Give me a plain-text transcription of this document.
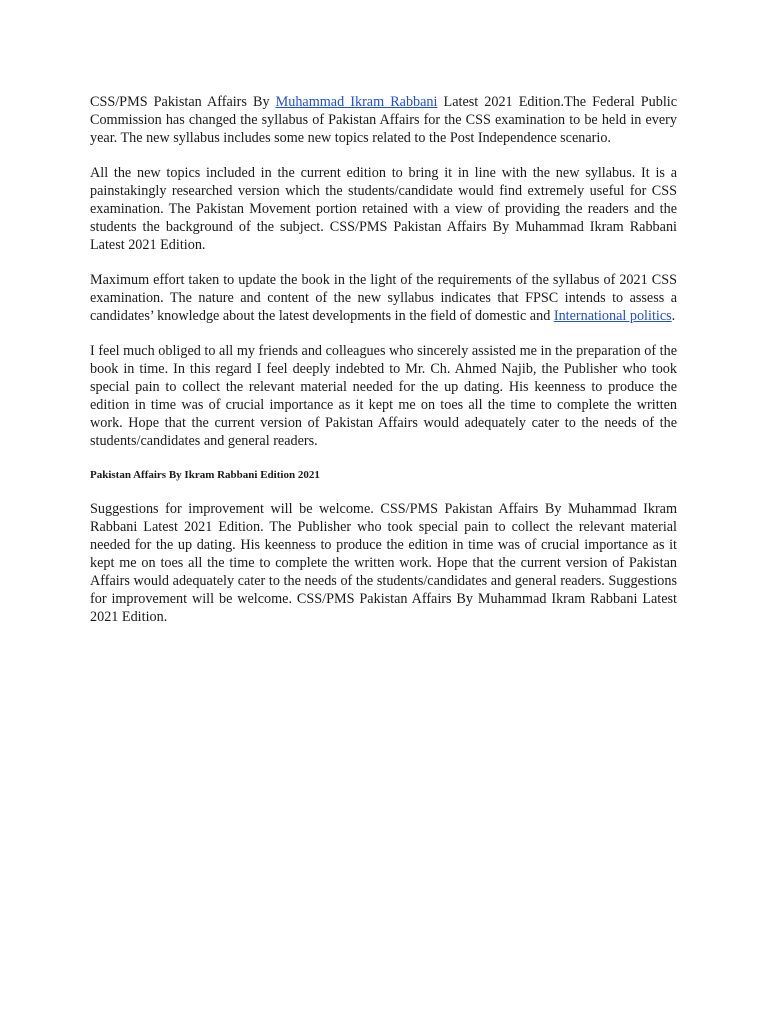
CSS/PMS Pakistan Affairs By Muhammad Ikram Rabbani Latest 2021 Edition.The Federal Public Commission has changed the syllabus of Pakistan Affairs for the CSS examination to be held in every year. The new syllabus includes some new topics related to the Post Independence scenario.

All the new topics included in the current edition to bring it in line with the new syllabus. It is a painstakingly researched version which the students/candidate would find extremely useful for CSS examination. The Pakistan Movement portion retained with a view of providing the readers and the students the background of the subject. CSS/PMS Pakistan Affairs By Muhammad Ikram Rabbani Latest 2021 Edition.

Maximum effort taken to update the book in the light of the requirements of the syllabus of 2021 CSS examination. The nature and content of the new syllabus indicates that FPSC intends to assess a candidates’ knowledge about the latest developments in the field of domestic and International politics.

I feel much obliged to all my friends and colleagues who sincerely assisted me in the preparation of the book in time. In this regard I feel deeply indebted to Mr. Ch. Ahmed Najib, the Publisher who took special pain to collect the relevant material needed for the up dating. His keenness to produce the edition in time was of crucial importance as it kept me on toes all the time to complete the written work. Hope that the current version of Pakistan Affairs would adequately cater to the needs of the students/candidates and general readers.

Pakistan Affairs By Ikram Rabbani Edition 2021

Suggestions for improvement will be welcome. CSS/PMS Pakistan Affairs By Muhammad Ikram Rabbani Latest 2021 Edition. The Publisher who took special pain to collect the relevant material needed for the up dating. His keenness to produce the edition in time was of crucial importance as it kept me on toes all the time to complete the written work. Hope that the current version of Pakistan Affairs would adequately cater to the needs of the students/candidates and general readers. Suggestions for improvement will be welcome. CSS/PMS Pakistan Affairs By Muhammad Ikram Rabbani Latest 2021 Edition.
